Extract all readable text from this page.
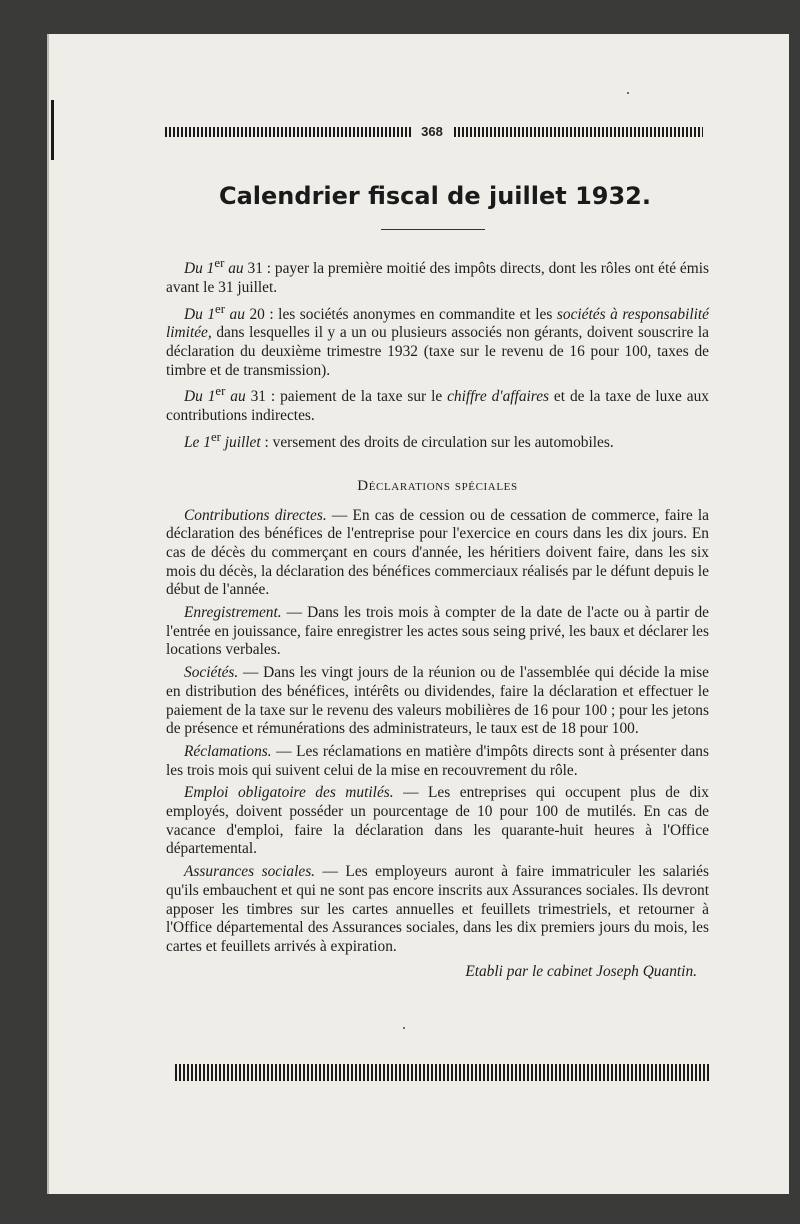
368
Calendrier fiscal de juillet 1932.

Du 1er au 31 : payer la première moitié des impôts directs, dont les rôles ont été émis avant le 31 juillet.

Du 1er au 20 : les sociétés anonymes en commandite et les sociétés à responsabilité limitée, dans lesquelles il y a un ou plusieurs associés non gérants, doivent souscrire la déclaration du deuxième trimestre 1932 (taxe sur le revenu de 16 pour 100, taxes de timbre et de transmission).

Du 1er au 31 : paiement de la taxe sur le chiffre d'affaires et de la taxe de luxe aux contributions indirectes.

Le 1er juillet : versement des droits de circulation sur les automobiles.

Déclarations spéciales

Contributions directes. — En cas de cession ou de cessation de commerce, faire la déclaration des bénéfices de l'entreprise pour l'exercice en cours dans les dix jours. En cas de décès du commerçant en cours d'année, les héritiers doivent faire, dans les six mois du décès, la déclaration des bénéfices commerciaux réalisés par le défunt depuis le début de l'année.

Enregistrement. — Dans les trois mois à compter de la date de l'acte ou à partir de l'entrée en jouissance, faire enregistrer les actes sous seing privé, les baux et déclarer les locations verbales.

Sociétés. — Dans les vingt jours de la réunion ou de l'assemblée qui décide la mise en distribution des bénéfices, intérêts ou dividendes, faire la déclaration et effectuer le paiement de la taxe sur le revenu des valeurs mobilières de 16 pour 100 ; pour les jetons de présence et rémunérations des administrateurs, le taux est de 18 pour 100.

Réclamations. — Les réclamations en matière d'impôts directs sont à présenter dans les trois mois qui suivent celui de la mise en recouvrement du rôle.

Emploi obligatoire des mutilés. — Les entreprises qui occupent plus de dix employés, doivent posséder un pourcentage de 10 pour 100 de mutilés. En cas de vacance d'emploi, faire la déclaration dans les quarante-huit heures à l'Office départemental.

Assurances sociales. — Les employeurs auront à faire immatriculer les salariés qu'ils embauchent et qui ne sont pas encore inscrits aux Assurances sociales. Ils devront apposer les timbres sur les cartes annuelles et feuillets trimestriels, et retourner à l'Office départemental des Assurances sociales, dans les dix premiers jours du mois, les cartes et feuillets arrivés à expiration.

Etabli par le cabinet Joseph Quantin.
